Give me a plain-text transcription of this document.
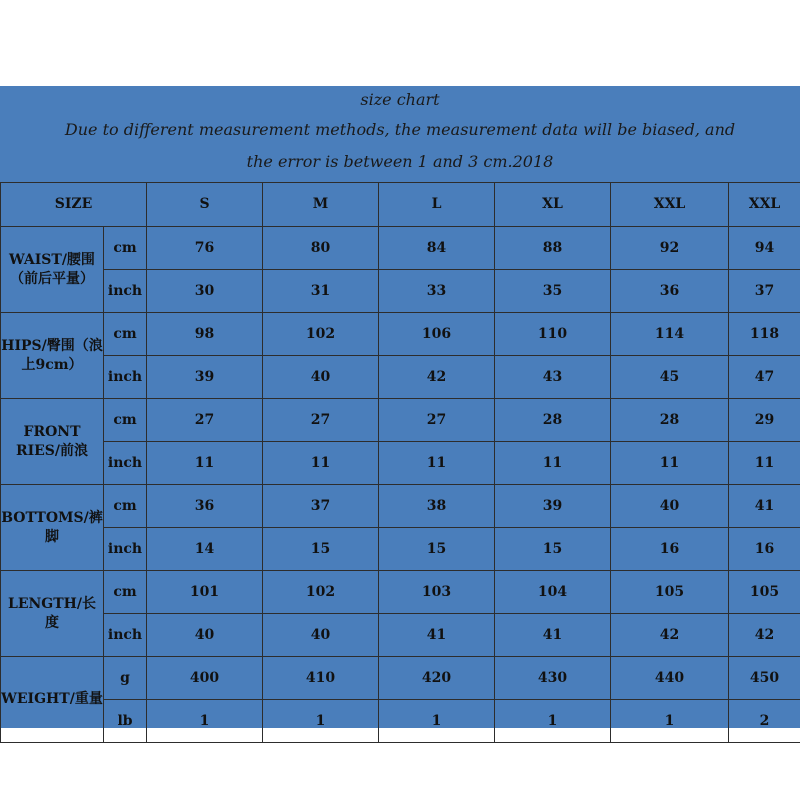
size chart
Due to different measurement methods, the measurement data will be biased, and
the error is between 1 and 3 cm.2018
SIZE		S	M	L	XL	XXL	XXL
WAIST/腰围（前后平量）	cm	76	80	84	88	92	94
	inch	30	31	33	35	36	37
HIPS/臀围（浪上9cm）	cm	98	102	106	110	114	118
	inch	39	40	42	43	45	47
FRONT RIES/前浪	cm	27	27	27	28	28	29
	inch	11	11	11	11	11	11
BOTTOMS/裤脚	cm	36	37	38	39	40	41
	inch	14	15	15	15	16	16
LENGTH/长度	cm	101	102	103	104	105	105
	inch	40	40	41	41	42	42
WEIGHT/重量	g	400	410	420	430	440	450
	lb	1	1	1	1	1	2
